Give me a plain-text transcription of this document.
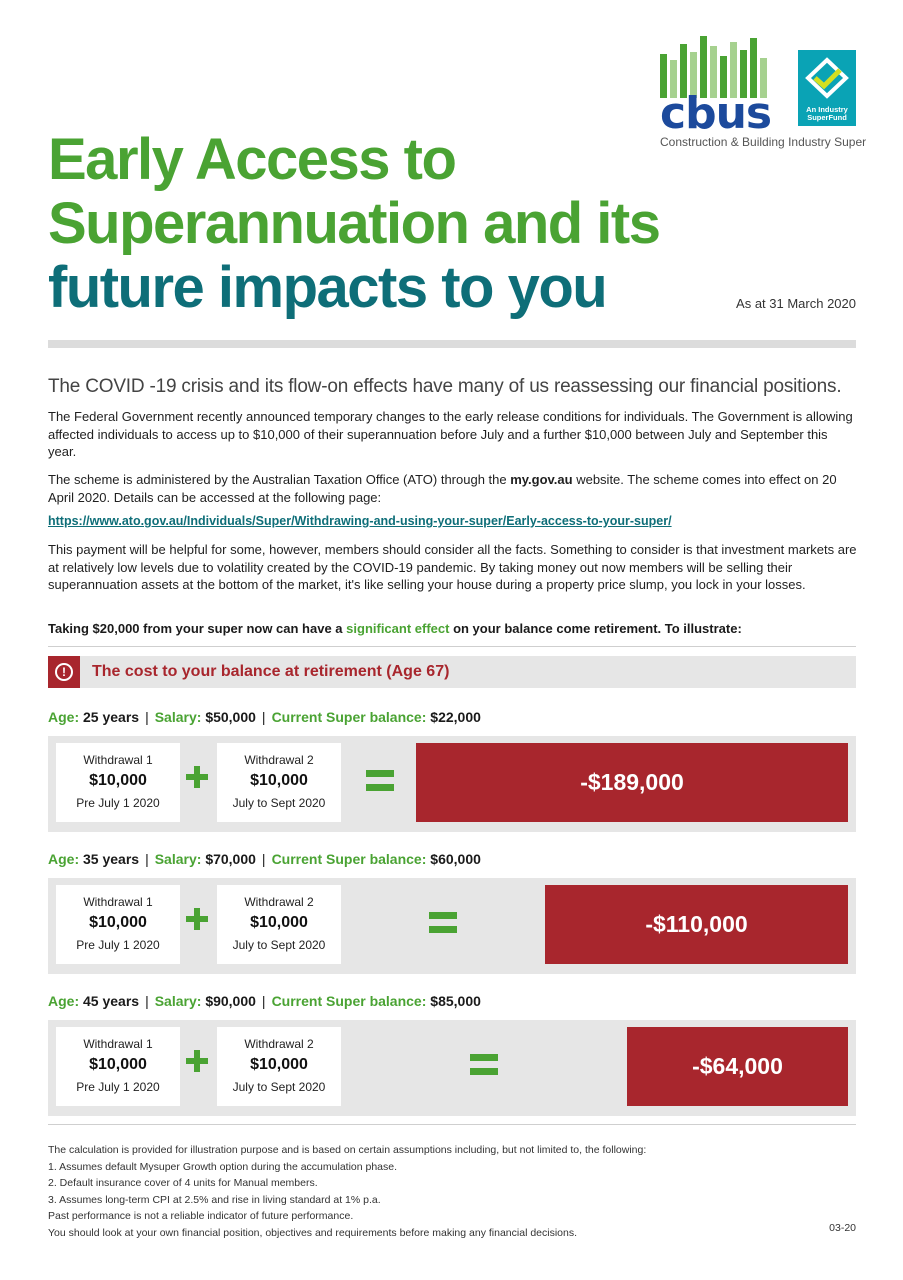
cbus	An Industry SuperFund
Construction & Building Industry Super
Early Access to
Superannuation and its
future impacts to you	As at 31 March 2020
The COVID -19 crisis and its flow-on effects have many of us reassessing our financial positions.

The Federal Government recently announced temporary changes to the early release conditions for individuals. The Government is allowing affected individuals to access up to $10,000 of their superannuation before July and a further $10,000 between July and September this year.

The scheme is administered by the Australian Taxation Office (ATO) through the my.gov.au website. The scheme comes into effect on 20 April 2020. Details can be accessed at the following page:

https://www.ato.gov.au/Individuals/Super/Withdrawing-and-using-your-super/Early-access-to-your-super/

This payment will be helpful for some, however, members should consider all the facts. Something to consider is that investment markets are at relatively low levels due to volatility created by the COVID-19 pandemic. By taking money out now members will be selling their superannuation assets at the bottom of the market, it's like selling your house during a property price slump, you lock in your losses.

Taking $20,000 from your super now can have a significant effect on your balance come retirement. To illustrate:
!	The cost to your balance at retirement (Age 67)
Age: 25 years | Salary: $50,000 | Current Super balance: $22,000
Withdrawal 1
$10,000
Pre July 1 2020
Withdrawal 2
$10,000
July to Sept 2020
-$189,000
Age: 35 years | Salary: $70,000 | Current Super balance: $60,000
Withdrawal 1
$10,000
Pre July 1 2020
Withdrawal 2
$10,000
July to Sept 2020
-$110,000
Age: 45 years | Salary: $90,000 | Current Super balance: $85,000
Withdrawal 1
$10,000
Pre July 1 2020
Withdrawal 2
$10,000
July to Sept 2020
-$64,000
The calculation is provided for illustration purpose and is based on certain assumptions including, but not limited to, the following:
1. Assumes default Mysuper Growth option during the accumulation phase.
2. Default insurance cover of 4 units for Manual members.
3. Assumes long-term CPI at 2.5% and rise in living standard at 1% p.a.
Past performance is not a reliable indicator of future performance.
You should look at your own financial position, objectives and requirements before making any financial decisions.	03-20
